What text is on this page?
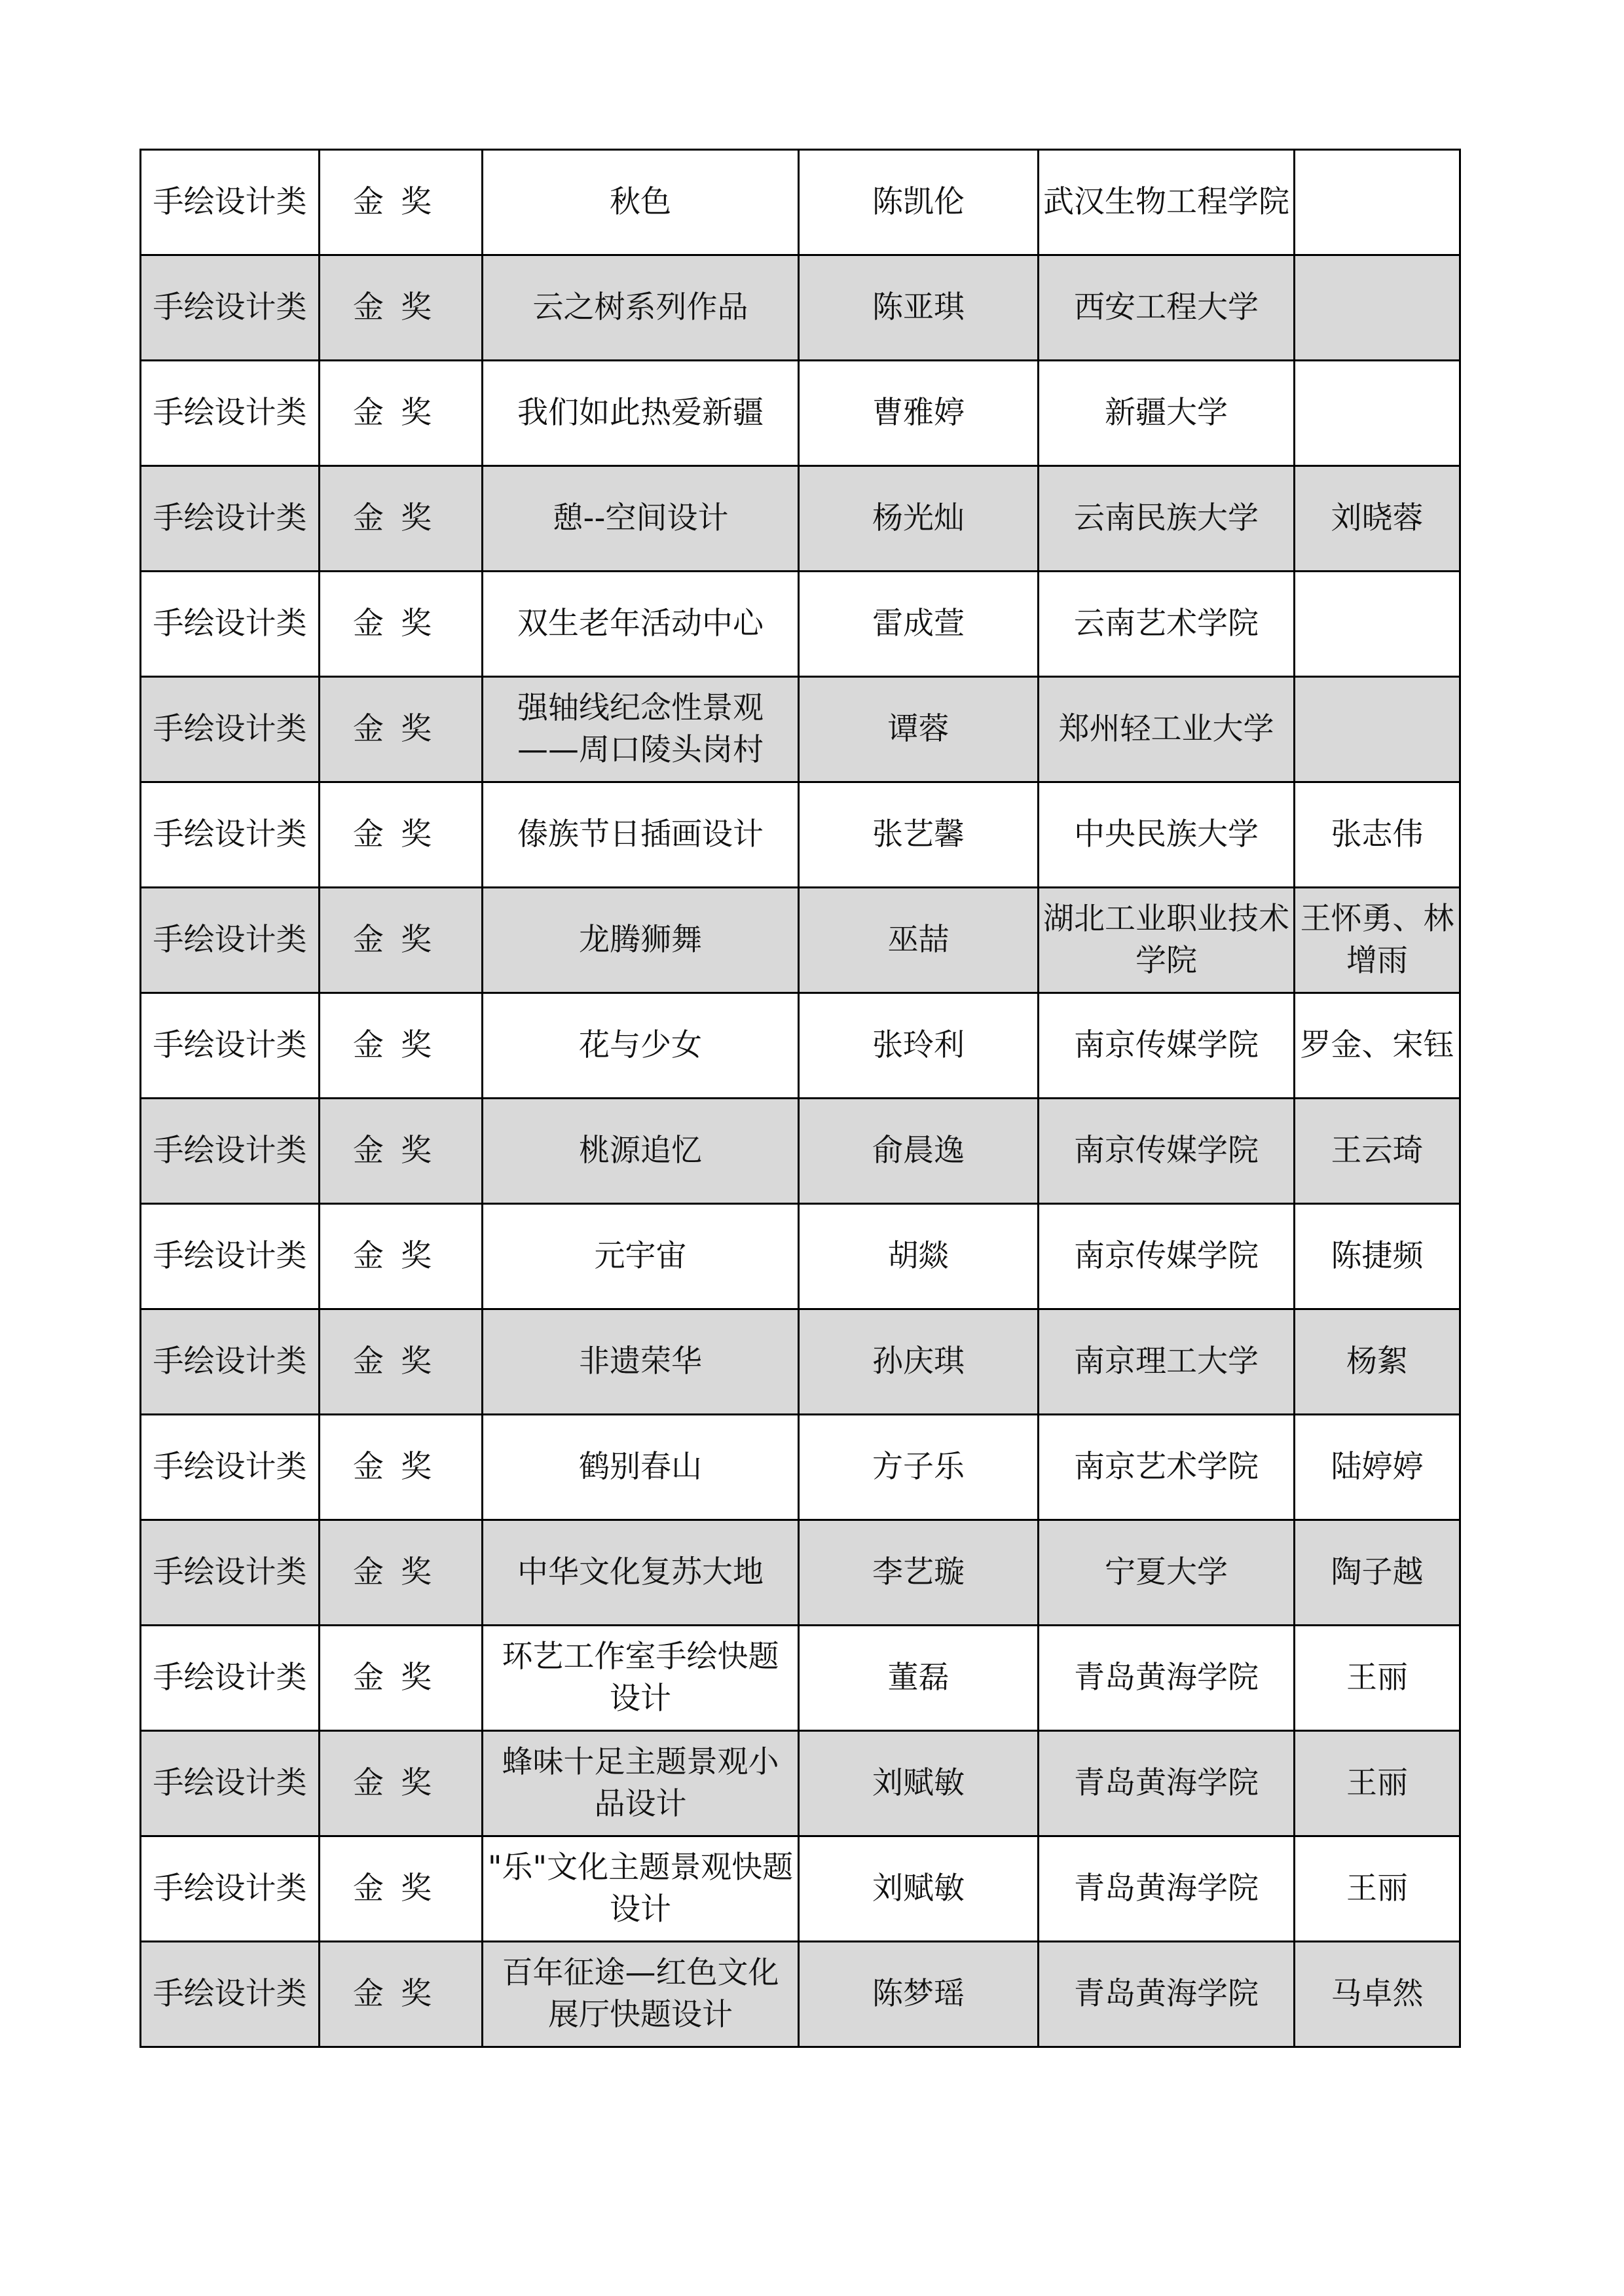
手绘设计类	金奖	秋色	陈凯伦	武汉生物工程学院	
手绘设计类	金奖	云之树系列作品	陈亚琪	西安工程大学	
手绘设计类	金奖	我们如此热爱新疆	曹雅婷	新疆大学	
手绘设计类	金奖	憩--空间设计	杨光灿	云南民族大学	刘晓蓉
手绘设计类	金奖	双生老年活动中心	雷成萱	云南艺术学院	
手绘设计类	金奖	强轴线纪念性景观——周口陵头岗村	谭蓉	郑州轻工业大学	
手绘设计类	金奖	傣族节日插画设计	张艺馨	中央民族大学	张志伟
手绘设计类	金奖	龙腾狮舞	巫喆	湖北工业职业技术学院	王怀勇、林增雨
手绘设计类	金奖	花与少女	张玲利	南京传媒学院	罗金、宋钰
手绘设计类	金奖	桃源追忆	俞晨逸	南京传媒学院	王云琦
手绘设计类	金奖	元宇宙	胡燚	南京传媒学院	陈捷频
手绘设计类	金奖	非遗荣华	孙庆琪	南京理工大学	杨絮
手绘设计类	金奖	鹤别春山	方子乐	南京艺术学院	陆婷婷
手绘设计类	金奖	中华文化复苏大地	李艺璇	宁夏大学	陶子越
手绘设计类	金奖	环艺工作室手绘快题设计	董磊	青岛黄海学院	王丽
手绘设计类	金奖	蜂味十足主题景观小品设计	刘赋敏	青岛黄海学院	王丽
手绘设计类	金奖	"乐"文化主题景观快题设计	刘赋敏	青岛黄海学院	王丽
手绘设计类	金奖	百年征途—红色文化展厅快题设计	陈梦瑶	青岛黄海学院	马卓然
